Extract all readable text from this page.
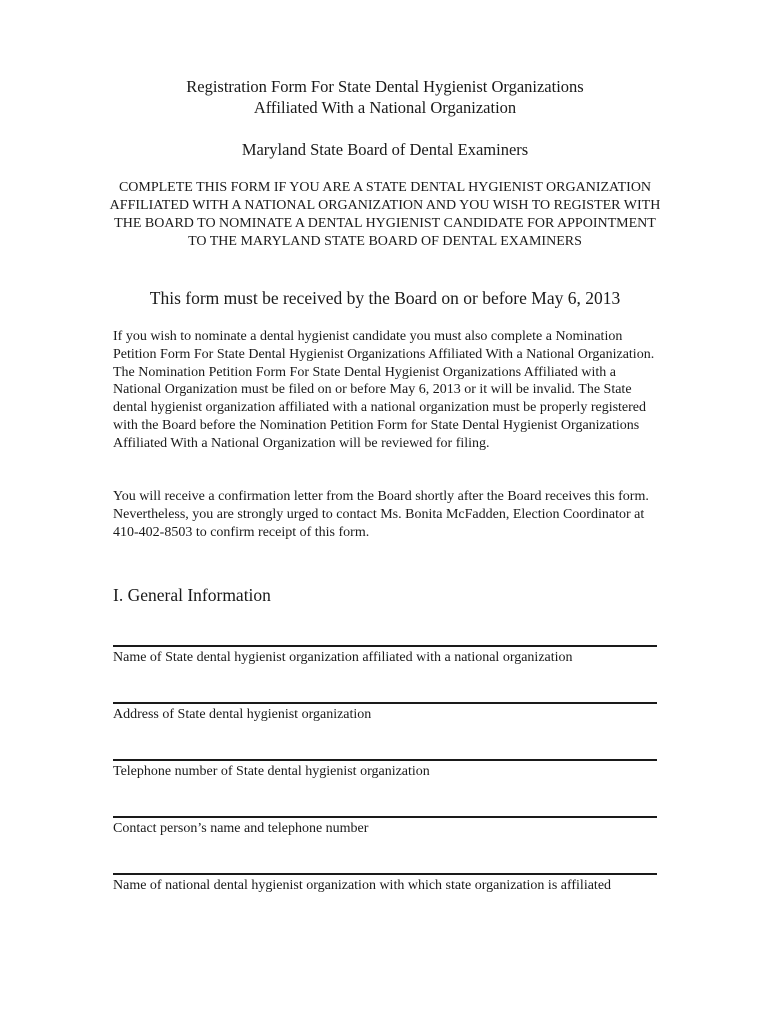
Registration Form For State Dental Hygienist Organizations
Affiliated With a National Organization
Maryland State Board of Dental Examiners
COMPLETE THIS FORM IF YOU ARE A STATE DENTAL HYGIENIST ORGANIZATION AFFILIATED WITH A NATIONAL ORGANIZATION AND YOU WISH TO REGISTER WITH THE BOARD TO NOMINATE A DENTAL HYGIENIST CANDIDATE FOR APPOINTMENT TO THE MARYLAND STATE BOARD OF DENTAL EXAMINERS
This form must be received by the Board on or before May 6, 2013
If you wish to nominate a dental hygienist candidate you must also complete a Nomination Petition Form For State Dental Hygienist Organizations Affiliated With a National Organization. The Nomination Petition Form For State Dental Hygienist Organizations Affiliated with a National Organization must be filed on or before May 6, 2013 or it will be invalid. The State dental hygienist organization affiliated with a national organization must be properly registered with the Board before the Nomination Petition Form for State Dental Hygienist Organizations Affiliated With a National Organization will be reviewed for filing.
You will receive a confirmation letter from the Board shortly after the Board receives this form. Nevertheless, you are strongly urged to contact Ms. Bonita McFadden, Election Coordinator at 410-402-8503 to confirm receipt of this form.
I. General Information
Name of State dental hygienist organization affiliated with a national organization
Address of State dental hygienist organization
Telephone number of State dental hygienist organization
Contact person’s name and telephone number
Name of national dental hygienist organization with which state organization is affiliated
